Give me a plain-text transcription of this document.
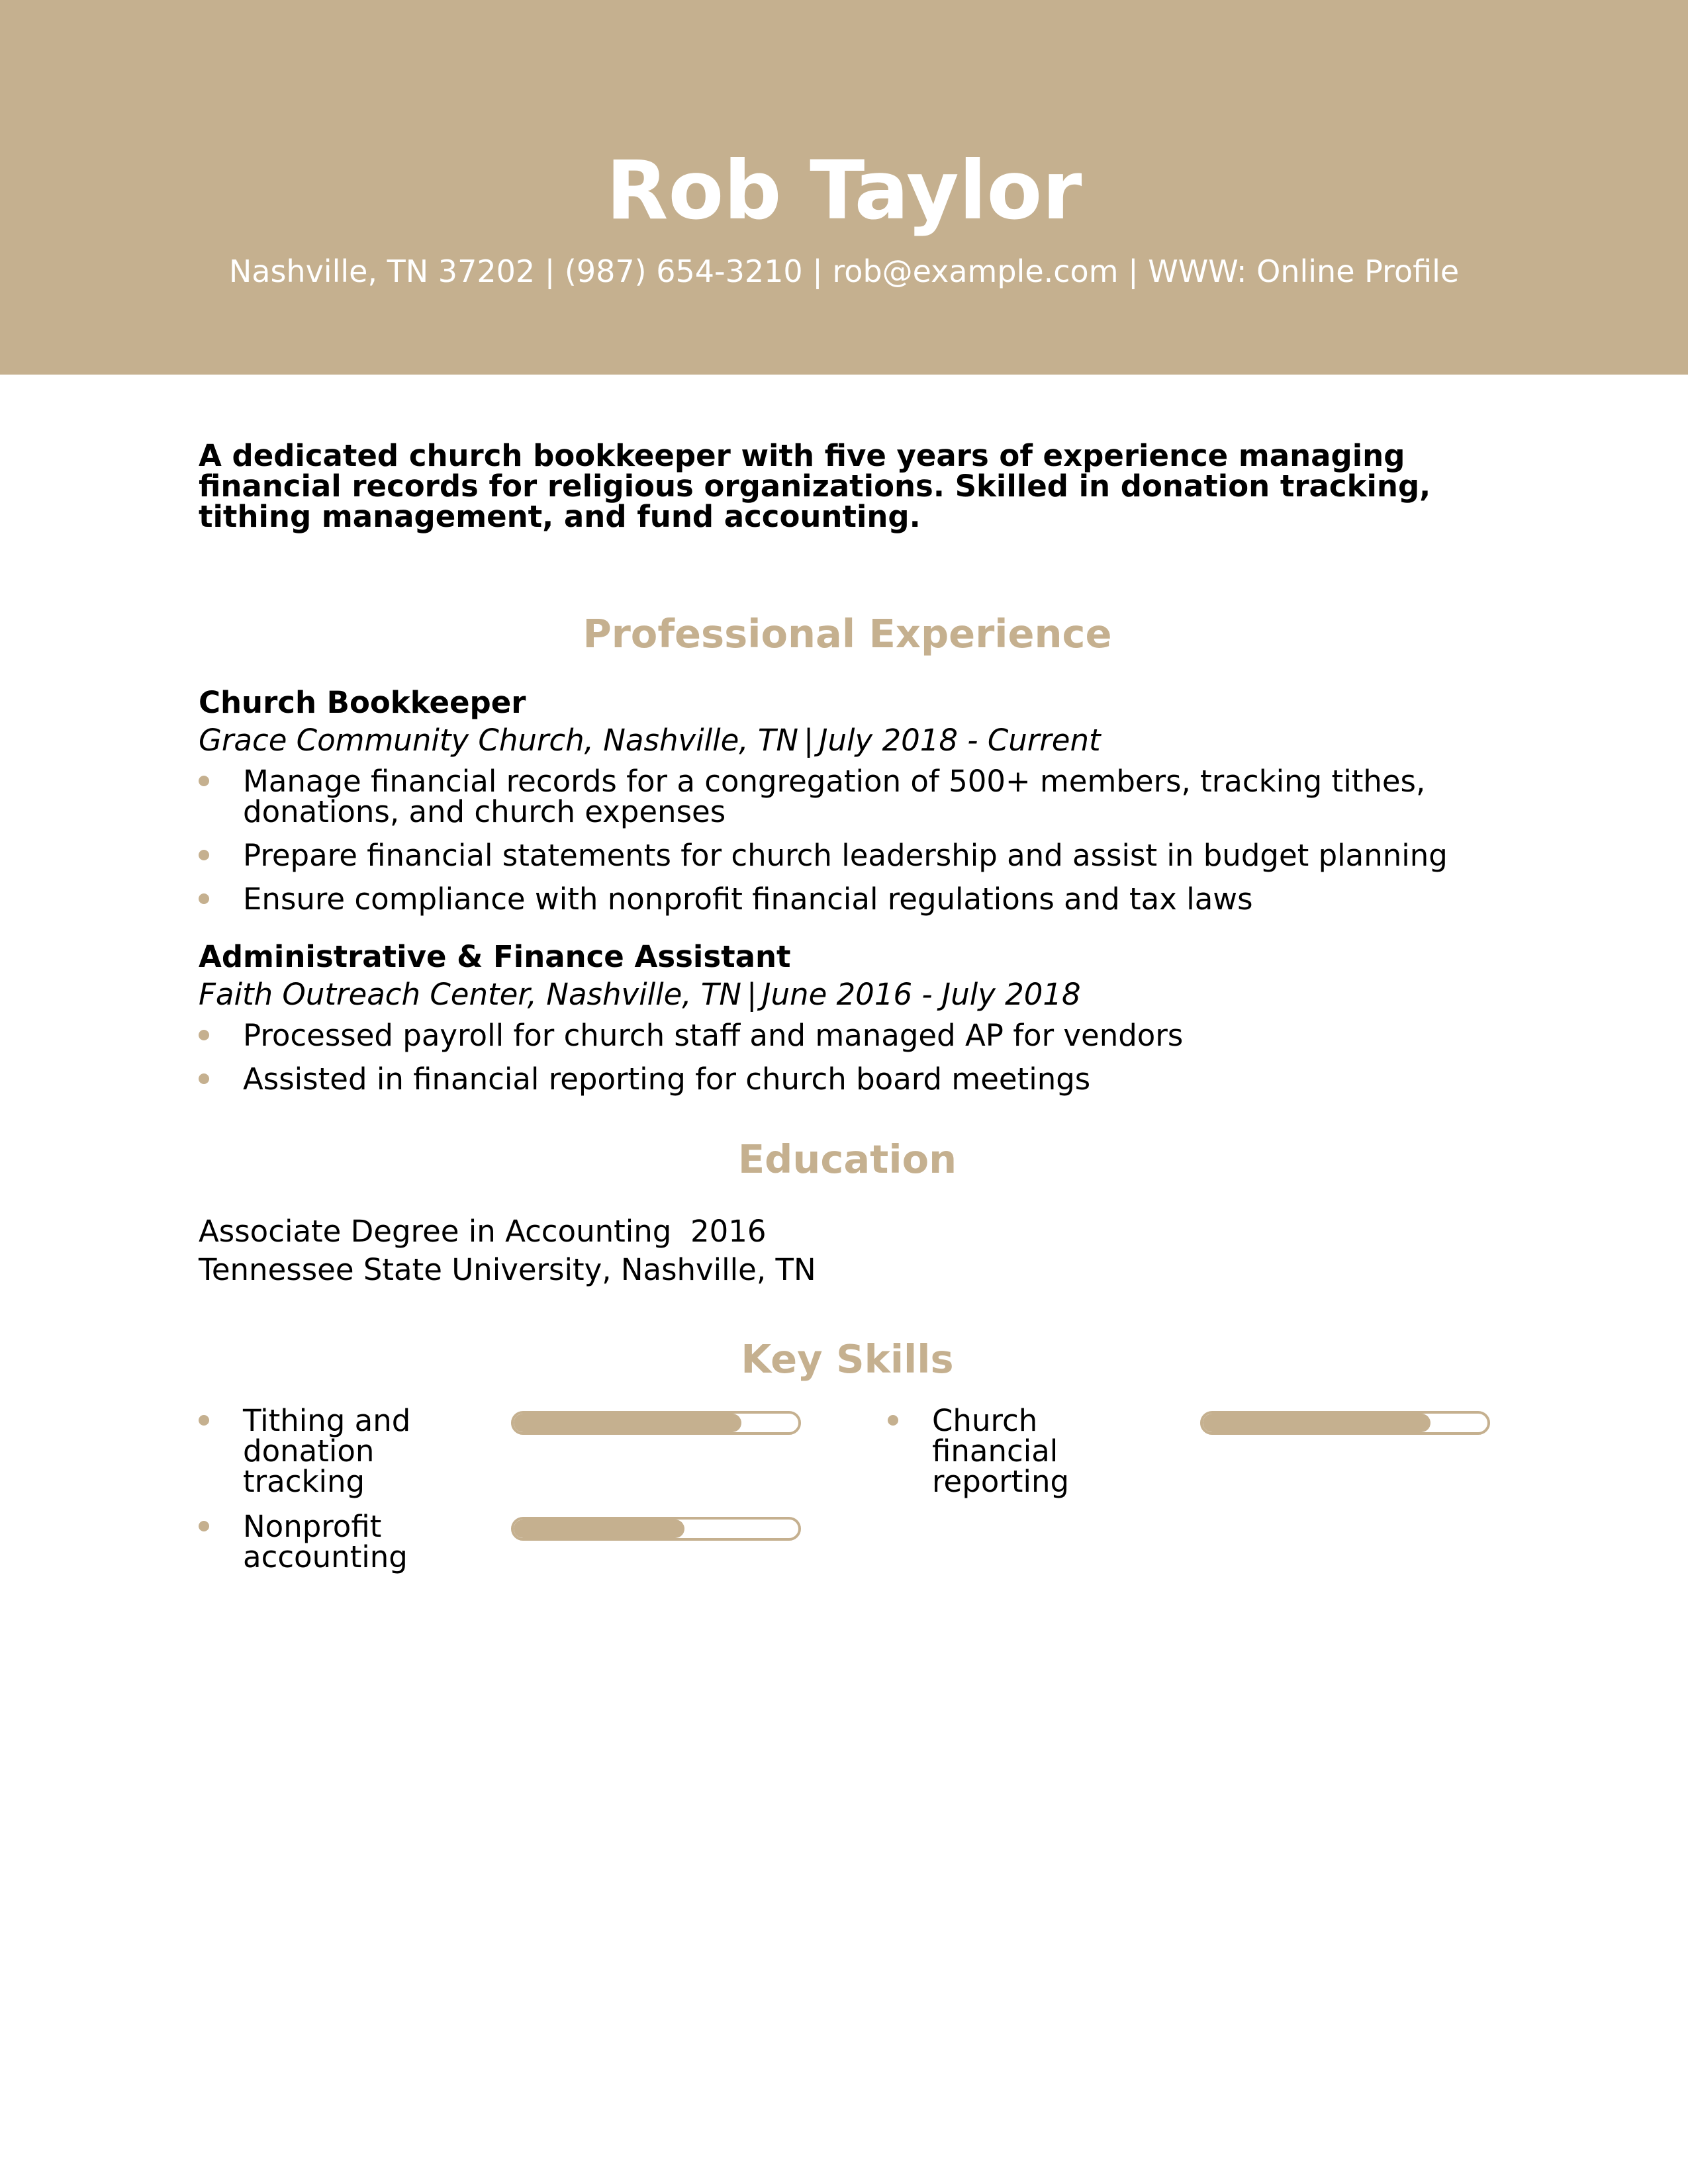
Rob Taylor
Nashville, TN 37202 | (987) 654-3210 | rob@example.com | WWW: Online Profile

A dedicated church bookkeeper with five years of experience managing financial records for religious organizations. Skilled in donation tracking, tithing management, and fund accounting.

Professional Experience

Church Bookkeeper

Grace Community Church, Nashville, TN | July 2018 - Current

Manage financial records for a congregation of 500+ members, tracking tithes, donations, and church expenses
Prepare financial statements for church leadership and assist in budget planning
Ensure compliance with nonprofit financial regulations and tax laws

Administrative & Finance Assistant

Faith Outreach Center, Nashville, TN | June 2016 - July 2018

Processed payroll for church staff and managed AP for vendors
Assisted in financial reporting for church board meetings
Education

Associate Degree in Accounting 2016

Tennessee State University, Nashville, TN

Key Skills
Tithing and donation tracking
Church financial reporting
Nonprofit accounting
